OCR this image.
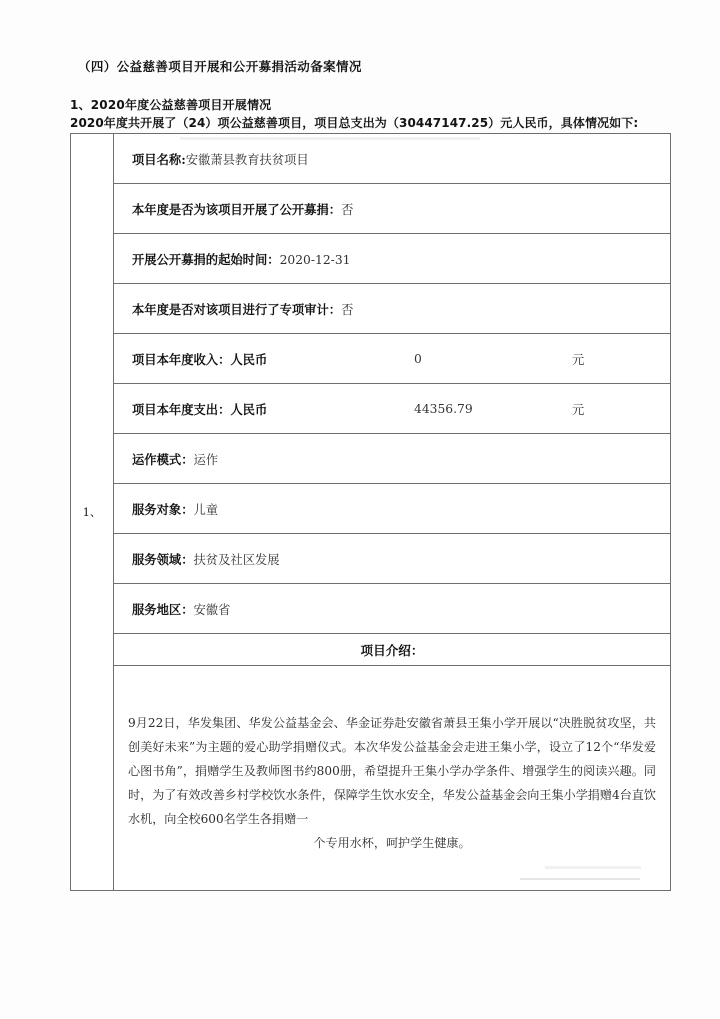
（四）公益慈善项目开展和公开募捐活动备案情况
1、2020年度公益慈善项目开展情况
2020年度共开展了（24）项公益慈善项目，项目总支出为（30447147.25）元人民币，具体情况如下:
1、	项目名称:安徽萧县教育扶贫项目
本年度是否为该项目开展了公开募捐：否
开展公开募捐的起始时间：2020-12-31
本年度是否对该项目进行了专项审计：否

项目本年度收入：人民币	0	元

项目本年度支出：人民币	44356.79	元

运作模式：运作
服务对象：儿童
服务领域：扶贫及社区发展
服务地区：安徽省
项目介绍：

9月22日，华发集团、华发公益基金会、华金证券赴安徽省萧县王集小学开展以“决胜脱贫攻坚，共创美好未来”为主题的爱心助学捐赠仪式。本次华发公益基金会走进王集小学，设立了12个“华发爱心图书角”，捐赠学生及教师图书约800册，希望提升王集小学办学条件、增强学生的阅读兴趣。同时，为了有效改善乡村学校饮水条件，保障学生饮水安全，华发公益基金会向王集小学捐赠4台直饮水机，向全校600名学生各捐赠一
个专用水杯，呵护学生健康。
